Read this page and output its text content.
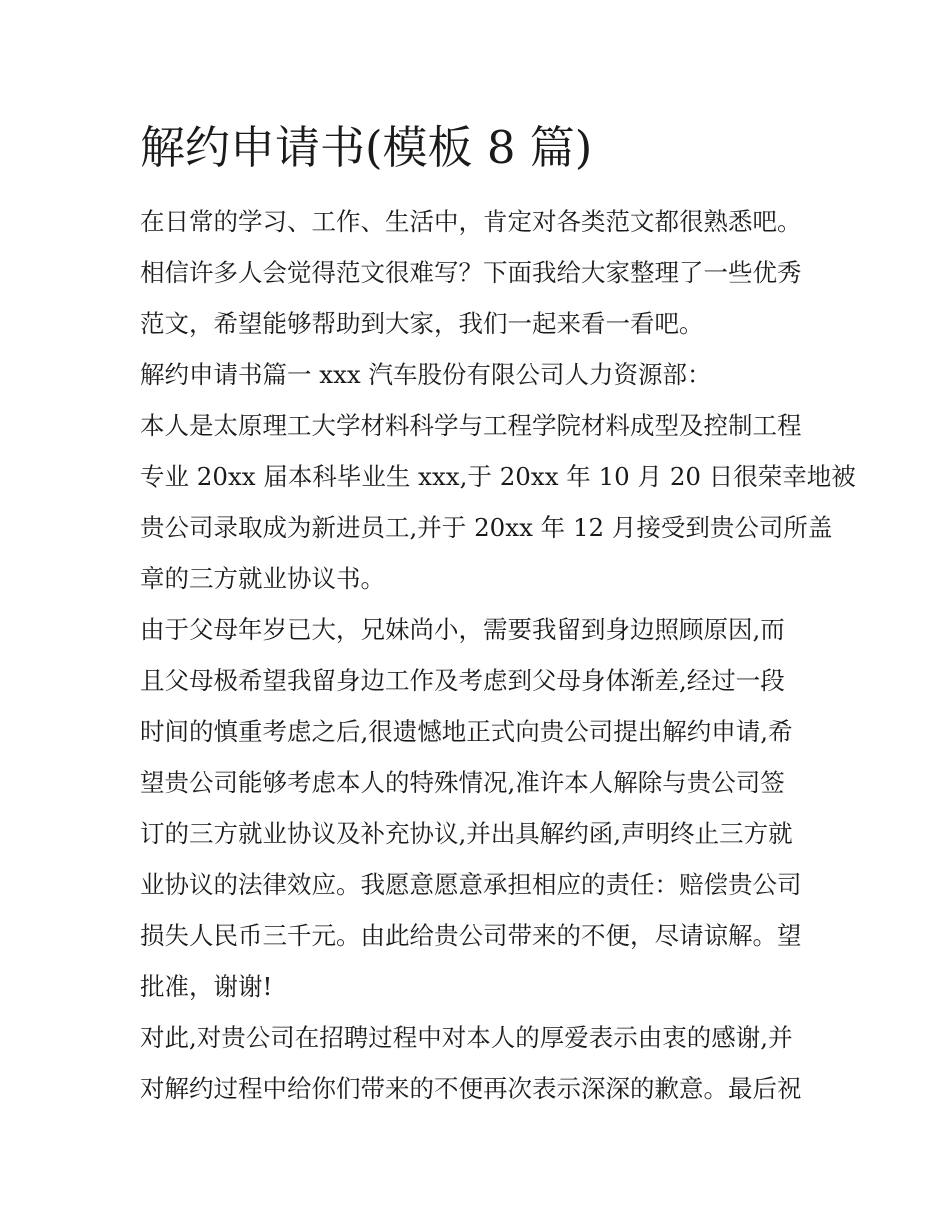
解约申请书(模板 8 篇)

在日常的学习、工作、生活中，肯定对各类范文都很熟悉吧。
相信许多人会觉得范文很难写？下面我给大家整理了一些优秀
范文，希望能够帮助到大家，我们一起来看一看吧。

解约申请书篇一 xxx 汽车股份有限公司人力资源部：

本人是太原理工大学材料科学与工程学院材料成型及控制工程
专业 20xx 届本科毕业生 xxx,于 20xx 年 10 月 20 日很荣幸地被
贵公司录取成为新进员工,并于 20xx 年 12 月接受到贵公司所盖
章的三方就业协议书。

由于父母年岁已大，兄妹尚小，需要我留到身边照顾原因,而
且父母极希望我留身边工作及考虑到父母身体渐差,经过一段
时间的慎重考虑之后,很遗憾地正式向贵公司提出解约申请,希
望贵公司能够考虑本人的特殊情况,准许本人解除与贵公司签
订的三方就业协议及补充协议,并出具解约函,声明终止三方就
业协议的法律效应。我愿意愿意承担相应的责任：赔偿贵公司
损失人民币三千元。由此给贵公司带来的不便，尽请谅解。望
批准，谢谢!

对此,对贵公司在招聘过程中对本人的厚爱表示由衷的感谢,并
对解约过程中给你们带来的不便再次表示深深的歉意。最后祝
